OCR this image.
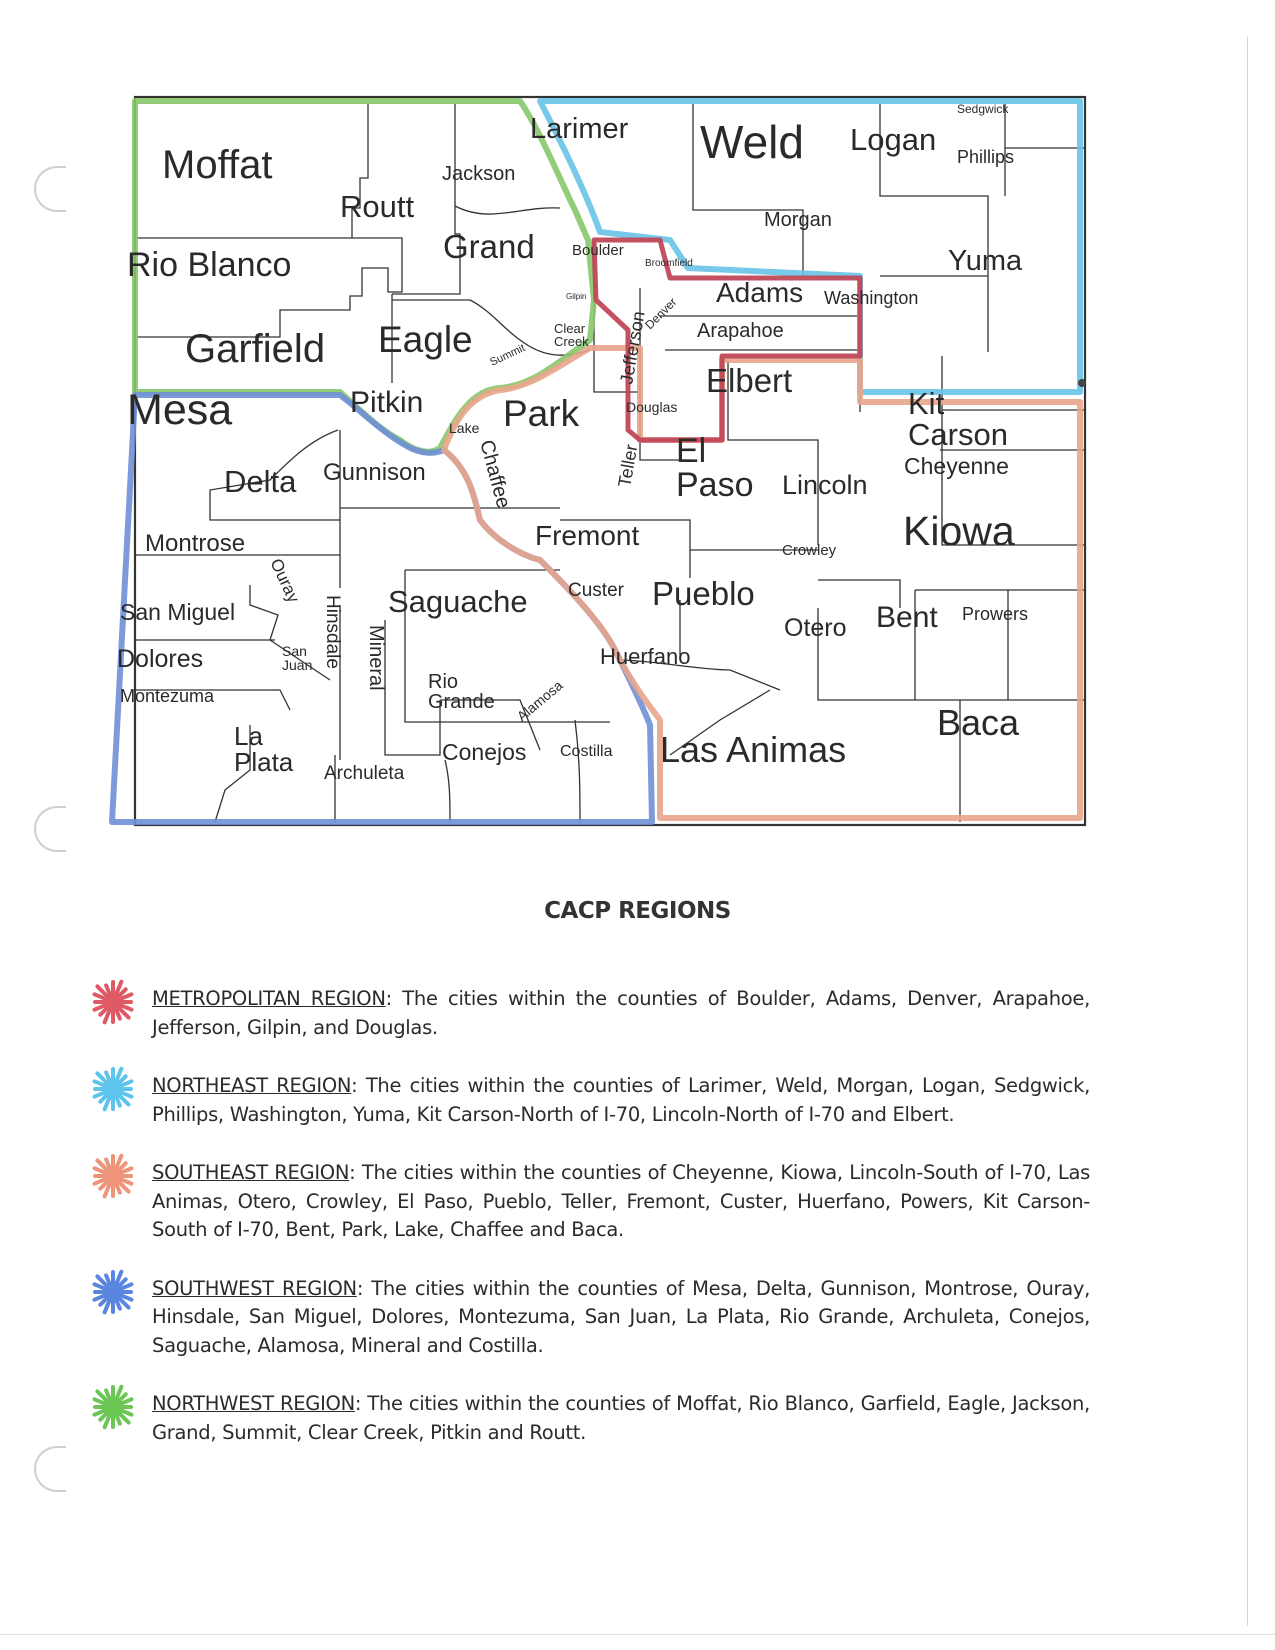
Moffat
Routt
Jackson
Larimer Weld Logan
Sedgwick
Phillips
Rio Blanco	Grand Boulder
Broomfield
Morgan
Yuma
Gilpin	Adams Washington
Clear Creek Jefferson
Denver Arapahoe
Garfield Eagle Summit
Kit Carson
Mesa	Pitkin
Lake Park	Douglas
Elbert
Delta Gunnison Chaffee	Teller El Paso Lincoln
Cheyenne
Montrose
Ouray
Fremont	Crowley Kiowa
San Miguel	Hinsdale Saguache Custer Pueblo
Otero Bent Prowers
Dolores	San Juan	Mineral	Huerfano
Montezuma
Rio Grande Alamosa
La Plata Archuleta
Conejos Costilla Las Animas
Baca
CACP REGIONS

METROPOLITAN REGION: The cities within the counties of Boulder, Adams, Denver, Arapahoe, Jefferson, Gilpin, and Douglas.

NORTHEAST REGION: The cities within the counties of Larimer, Weld, Morgan, Logan, Sedgwick, Phillips, Washington, Yuma, Kit Carson-North of I-70, Lincoln-North of I-70 and Elbert.

SOUTHEAST REGION: The cities within the counties of Cheyenne, Kiowa, Lincoln-South of I-70, Las Animas, Otero, Crowley, El Paso, Pueblo, Teller, Fremont, Custer, Huerfano, Powers, Kit Carson-South of I-70, Bent, Park, Lake, Chaffee and Baca.

SOUTHWEST REGION: The cities within the counties of Mesa, Delta, Gunnison, Montrose, Ouray, Hinsdale, San Miguel, Dolores, Montezuma, San Juan, La Plata, Rio Grande, Archuleta, Conejos, Saguache, Alamosa, Mineral and Costilla.

NORTHWEST REGION: The cities within the counties of Moffat, Rio Blanco, Garfield, Eagle, Jackson, Grand, Summit, Clear Creek, Pitkin and Routt.
